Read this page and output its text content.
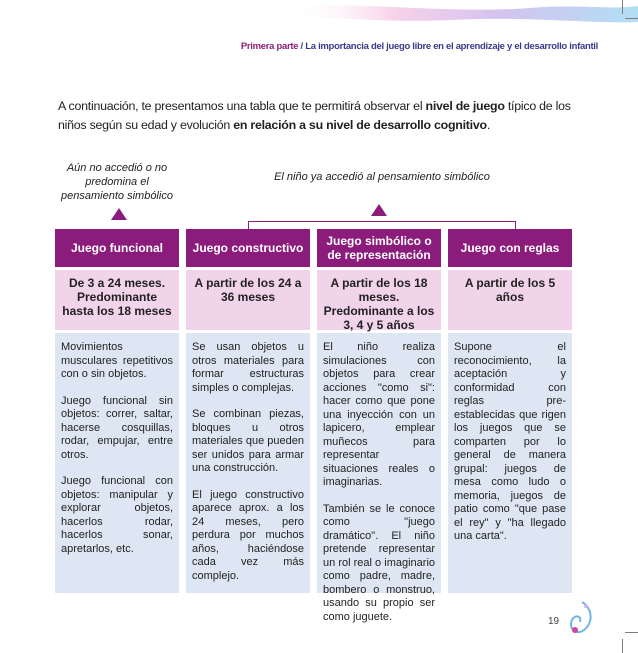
Primera parte / La importancia del juego libre en el aprendizaje y el desarrollo infantil
A continuación, te presentamos una tabla que te permitirá observar el nivel de juego típico de los niños según su edad y evolución en relación a su nivel de desarrollo cognitivo.
Aún no accedió o no predomina el pensamiento simbólico
El niño ya accedió al pensamiento simbólico
Juego funcional
De 3 a 24 meses. Predominante hasta los 18 meses

Movimientos musculares repetitivos con o sin objetos.

Juego funcional sin objetos: correr, saltar, hacerse cosquillas, rodar, empujar, entre otros.

Juego funcional con objetos: manipular y explorar objetos, hacerlos rodar, hacerlos sonar, apretarlos, etc.

Juego constructivo
A partir de los 24 a 36 meses

Se usan objetos u otros materiales para formar estructuras simples o complejas.

Se combinan piezas, bloques u otros materiales que pueden ser unidos para armar una construcción.

El juego constructivo aparece aprox. a los 24 meses, pero perdura por muchos años, haciéndose cada vez más complejo.

Juego simbólico o de representación
A partir de los 18 meses. Predominante a los 3, 4 y 5 años

El niño realiza simulaciones con objetos para crear acciones "como si": hacer como que pone una inyección con un lapicero, emplear muñecos para representar situaciones reales o imaginarias.

También se le conoce como "juego dramático". El niño pretende representar un rol real o imaginario como padre, madre, bombero o monstruo, usando su propio ser como juguete.

Juego con reglas
A partir de los 5 años

Supone el reconocimiento, la aceptación y conformidad con reglas pre-establecidas que rigen los juegos que se comparten por lo general de manera grupal: juegos de mesa como ludo o memoria, juegos de patio como "que pase el rey" y "ha llegado una carta".

19
